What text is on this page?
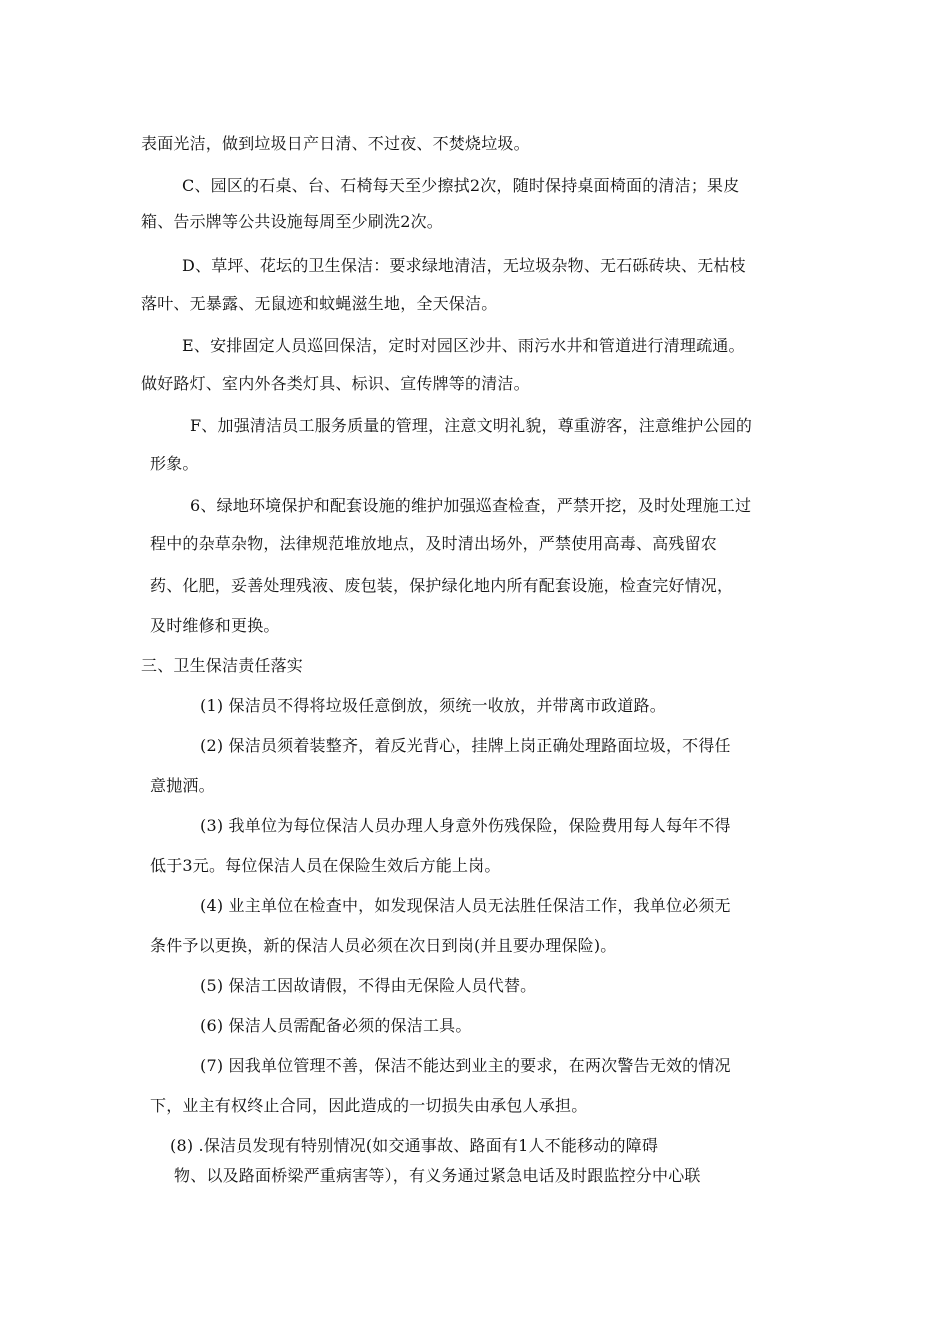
表面光洁，做到垃圾日产日清、不过夜、不焚烧垃圾。
C、园区的石桌、台、石椅每天至少擦拭2次，随时保持桌面椅面的清洁；果皮
箱、告示牌等公共设施每周至少刷洗2次。
D、草坪、花坛的卫生保洁：要求绿地清洁，无垃圾杂物、无石砾砖块、无枯枝
落叶、无暴露、无鼠迹和蚊蝇滋生地，全天保洁。
E、安排固定人员巡回保洁，定时对园区沙井、雨污水井和管道进行清理疏通。
做好路灯、室内外各类灯具、标识、宣传牌等的清洁。
F、加强清洁员工服务质量的管理，注意文明礼貌，尊重游客，注意维护公园的
形象。
6、绿地环境保护和配套设施的维护加强巡查检查，严禁开挖，及时处理施工过
程中的杂草杂物，法律规范堆放地点，及时清出场外，严禁使用高毒、高残留农
药、化肥，妥善处理残液、废包装，保护绿化地内所有配套设施，检查完好情况，
及时维修和更换。
三、卫生保洁责任落实
(1) 保洁员不得将垃圾任意倒放，须统一收放，并带离市政道路。
(2) 保洁员须着装整齐，着反光背心，挂牌上岗正确处理路面垃圾，不得任
意抛洒。
(3) 我单位为每位保洁人员办理人身意外伤残保险，保险费用每人每年不得
低于3元。每位保洁人员在保险生效后方能上岗。
(4) 业主单位在检查中，如发现保洁人员无法胜任保洁工作，我单位必须无
条件予以更换，新的保洁人员必须在次日到岗(并且要办理保险)。
(5) 保洁工因故请假，不得由无保险人员代替。
(6) 保洁人员需配备必须的保洁工具。
(7) 因我单位管理不善，保洁不能达到业主的要求，在两次警告无效的情况
下，业主有权终止合同，因此造成的一切损失由承包人承担。
(8) .保洁员发现有特别情况(如交通事故、路面有1人不能移动的障碍
物、以及路面桥梁严重病害等），有义务通过紧急电话及时跟监控分中心联
